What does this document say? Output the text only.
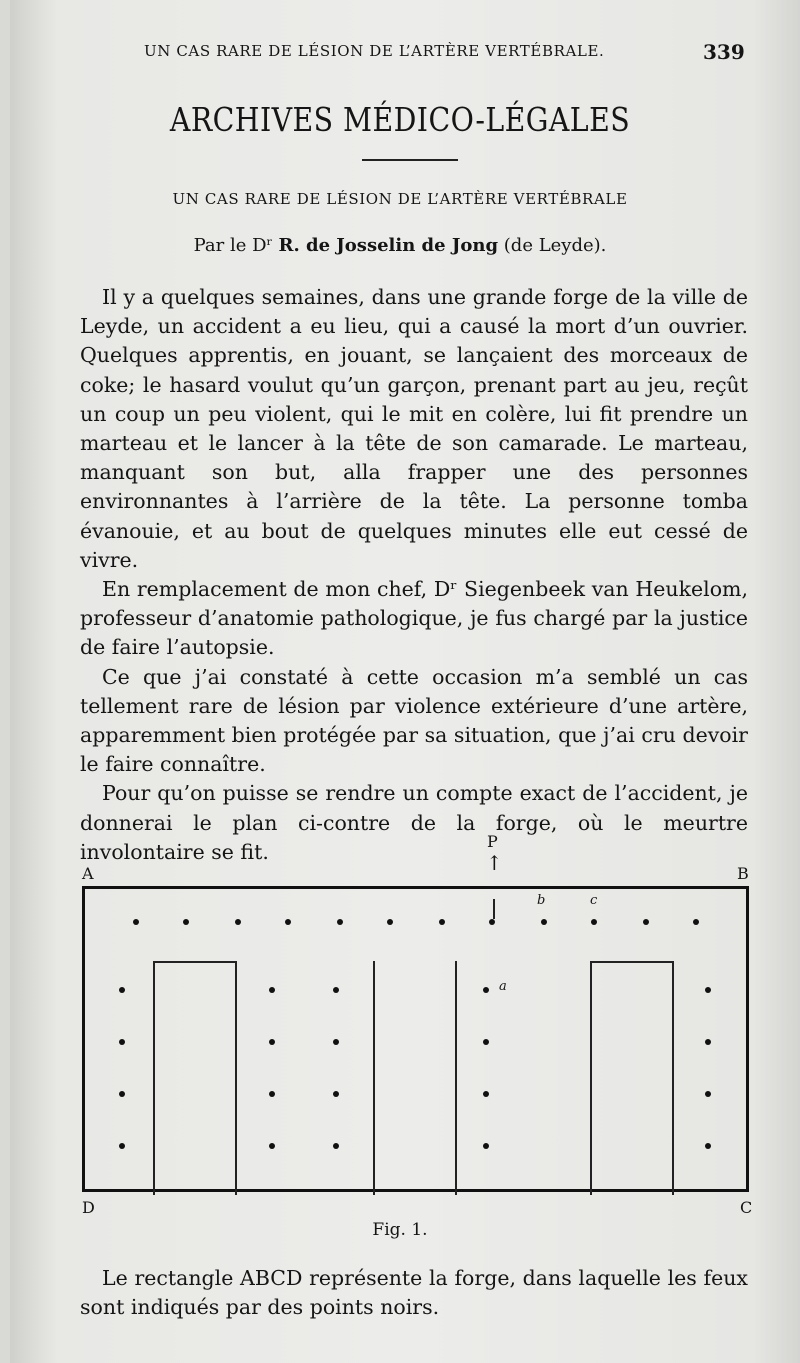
UN CAS RARE DE LÉSION DE L’ARTÈRE VERTÉBRALE.	339
ARCHIVES MÉDICO-LÉGALES
UN CAS RARE DE LÉSION DE L’ARTÈRE VERTÉBRALE
Par le Dʳ R. de Josselin de Jong (de Leyde).

Il y a quelques semaines, dans une grande forge de la ville de Leyde, un accident a eu lieu, qui a causé la mort d’un ouvrier. Quelques apprentis, en jouant, se lançaient des morceaux de coke; le hasard voulut qu’un garçon, prenant part au jeu, reçût un coup un peu violent, qui le mit en colère, lui fit prendre un marteau et le lancer à la tête de son camarade. Le marteau, manquant son but, alla frapper une des personnes environnantes à l’arrière de la tête. La personne tomba évanouie, et au bout de quelques minutes elle eut cessé de vivre.

En remplacement de mon chef, Dʳ Siegenbeek van Heukelom, professeur d’anatomie pathologique, je fus chargé par la justice de faire l’autopsie.

Ce que j’ai constaté à cette occasion m’a semblé un cas tellement rare de lésion par violence extérieure d’une artère, apparemment bien protégée par sa situation, que j’ai cru devoir le faire connaître.

Pour qu’on puisse se rendre un compte exact de l’accident, je donnerai le plan ci-contre de la forge, où le meurtre involontaire se fit.

A	B
D	C
P
↑
b	c
a
Fig. 1.

Le rectangle ABCD représente la forge, dans laquelle les feux sont indiqués par des points noirs.
